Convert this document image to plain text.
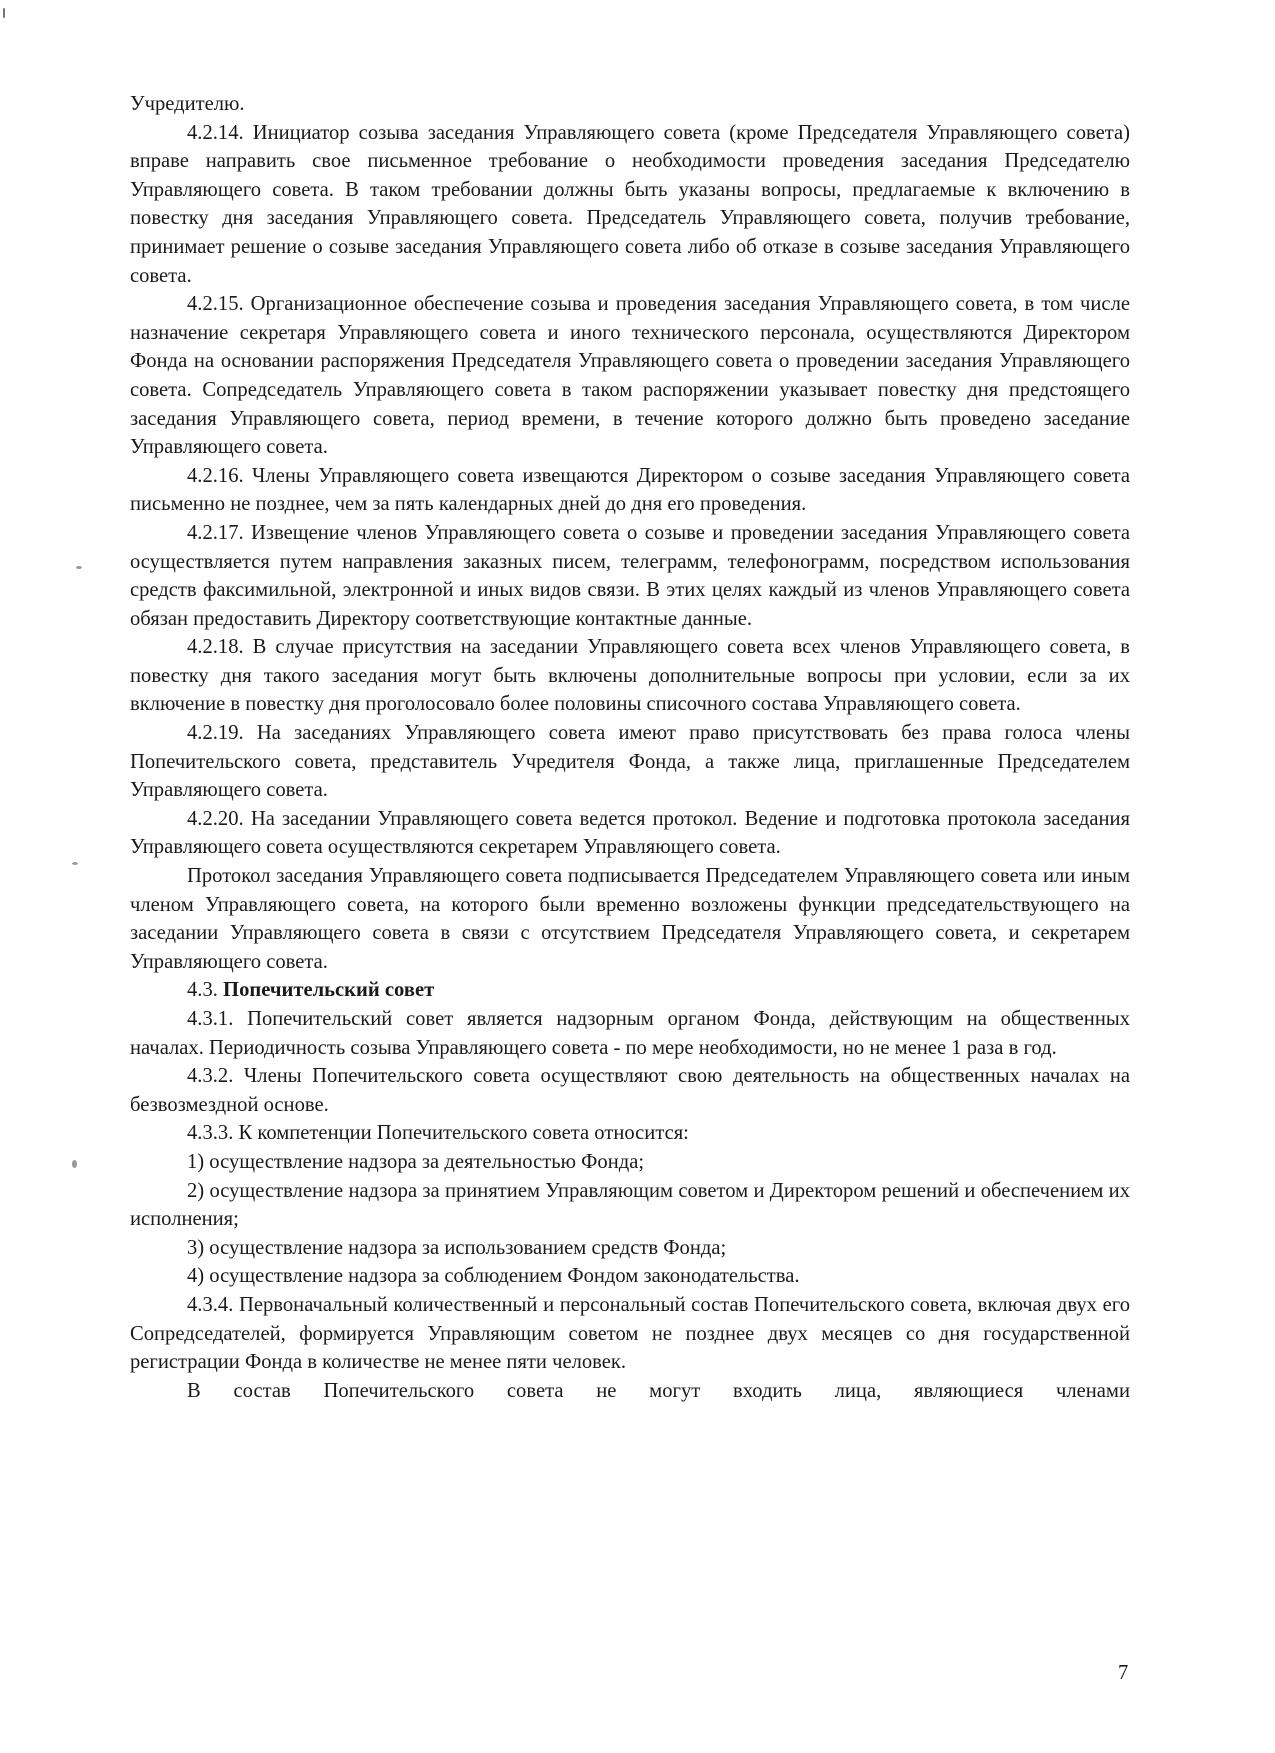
Учредителю.

4.2.14. Инициатор созыва заседания Управляющего совета (кроме Председателя Управляющего совета) вправе направить свое письменное требование о необходимости проведения заседания Председателю Управляющего совета. В таком требовании должны быть указаны вопросы, предлагаемые к включению в повестку дня заседания Управляющего совета. Председатель Управляющего совета, получив требование, принимает решение о созыве заседания Управляющего совета либо об отказе в созыве заседания Управляющего совета.

4.2.15. Организационное обеспечение созыва и проведения заседания Управляющего совета, в том числе назначение секретаря Управляющего совета и иного технического персонала, осуществляются Директором Фонда на основании распоряжения Председателя Управляющего совета о проведении заседания Управляющего совета. Сопредседатель Управляющего совета в таком распоряжении указывает повестку дня предстоящего заседания Управляющего совета, период времени, в течение которого должно быть проведено заседание Управляющего совета.

4.2.16. Члены Управляющего совета извещаются Директором о созыве заседания Управляющего совета письменно не позднее, чем за пять календарных дней до дня его проведения.

4.2.17. Извещение членов Управляющего совета о созыве и проведении заседания Управляющего совета осуществляется путем направления заказных писем, телеграмм, телефонограмм, посредством использования средств факсимильной, электронной и иных видов связи. В этих целях каждый из членов Управляющего совета обязан предоставить Директору соответствующие контактные данные.

4.2.18. В случае присутствия на заседании Управляющего совета всех членов Управляющего совета, в повестку дня такого заседания могут быть включены дополнительные вопросы при условии, если за их включение в повестку дня проголосовало более половины списочного состава Управляющего совета.

4.2.19. На заседаниях Управляющего совета имеют право присутствовать без права голоса члены Попечительского совета, представитель Учредителя Фонда, а также лица, приглашенные Председателем Управляющего совета.

4.2.20. На заседании Управляющего совета ведется протокол. Ведение и подготовка протокола заседания Управляющего совета осуществляются секретарем Управляющего совета.

Протокол заседания Управляющего совета подписывается Председателем Управляющего совета или иным членом Управляющего совета, на которого были временно возложены функции председательствующего на заседании Управляющего совета в связи с отсутствием Председателя Управляющего совета, и секретарем Управляющего совета.

4.3. Попечительский совет

4.3.1. Попечительский совет является надзорным органом Фонда, действующим на общественных началах. Периодичность созыва Управляющего совета - по мере необходимости, но не менее 1 раза в год.

4.3.2. Члены Попечительского совета осуществляют свою деятельность на общественных началах на безвозмездной основе.

4.3.3. К компетенции Попечительского совета относится:

1) осуществление надзора за деятельностью Фонда;

2) осуществление надзора за принятием Управляющим советом и Директором решений и обеспечением их исполнения;

3) осуществление надзора за использованием средств Фонда;

4) осуществление надзора за соблюдением Фондом законодательства.

4.3.4. Первоначальный количественный и персональный состав Попечительского совета, включая двух его Сопредседателей, формируется Управляющим советом не позднее двух месяцев со дня государственной регистрации Фонда в количестве не менее пяти человек.

В состав Попечительского совета не могут входить лица, являющиеся членами

7
